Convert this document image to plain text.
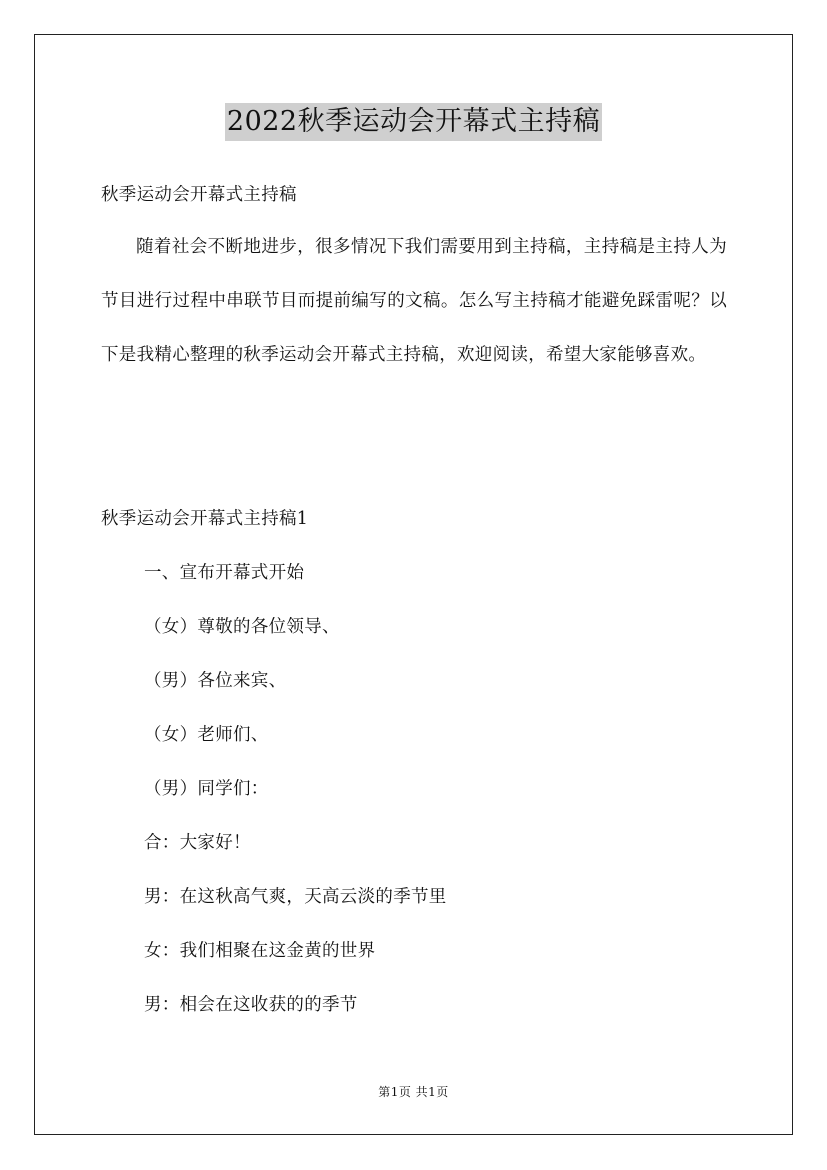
2022秋季运动会开幕式主持稿
秋季运动会开幕式主持稿

随着社会不断地进步，很多情况下我们需要用到主持稿，主持稿是主持人为节目进行过程中串联节目而提前编写的文稿。怎么写主持稿才能避免踩雷呢？以下是我精心整理的秋季运动会开幕式主持稿，欢迎阅读，希望大家能够喜欢。

秋季运动会开幕式主持稿1
一、宣布开幕式开始
（女）尊敬的各位领导、
（男）各位来宾、
（女）老师们、
（男）同学们：
合：大家好！
男：在这秋高气爽，天高云淡的季节里
女：我们相聚在这金黄的世界
男：相会在这收获的的季节
第1页 共1页
